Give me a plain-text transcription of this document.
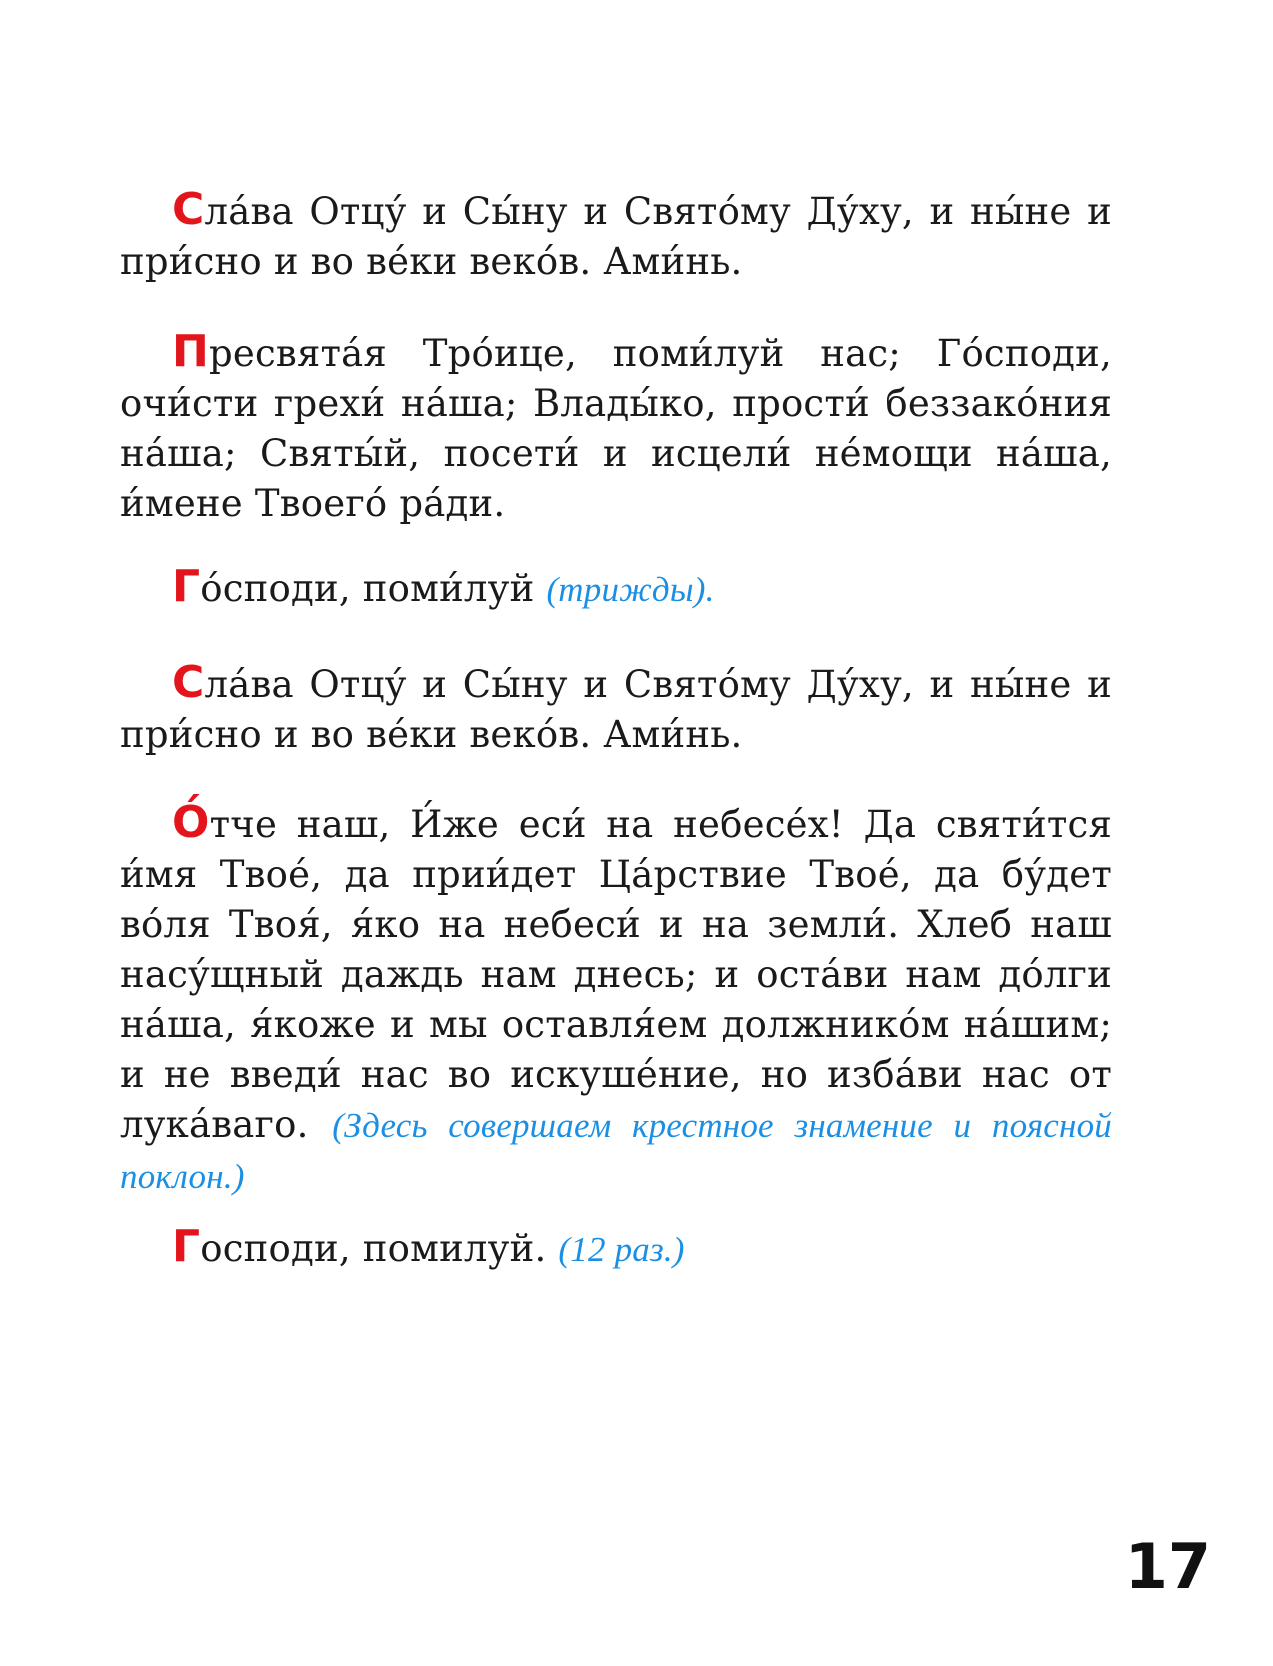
Сла́ва Отцу́ и Сы́ну и Свято́му Ду́ху, и ны́не и при́сно и во ве́ки веко́в. Ами́нь.

Пресвята́я Тро́ице, поми́луй нас; Го́споди, очи́сти грехи́ на́ша; Влады́ко, прости́ беззако́ния на́ша; Святы́й, посети́ и исцели́ не́мощи на́ша, и́мене Твоего́ ра́ди.

Го́споди, поми́луй (трижды).

Сла́ва Отцу́ и Сы́ну и Свято́му Ду́ху, и ны́не и при́сно и во ве́ки веко́в. Ами́нь.

О́тче наш, И́же еси́ на небесе́х! Да святи́тся и́мя Твое́, да прии́дет Ца́рствие Твое́, да бу́дет во́ля Твоя́, я́ко на небеси́ и на земли́. Хлеб наш насу́щный даждь нам днесь; и оста́ви нам до́лги на́ша, я́коже и мы оставля́ем должнико́м на́шим; и не введи́ нас во искуше́ние, но изба́ви нас от лука́ваго. (Здесь совершаем крестное знамение и поясной поклон.)

Господи, помилуй. (12 раз.)

17
